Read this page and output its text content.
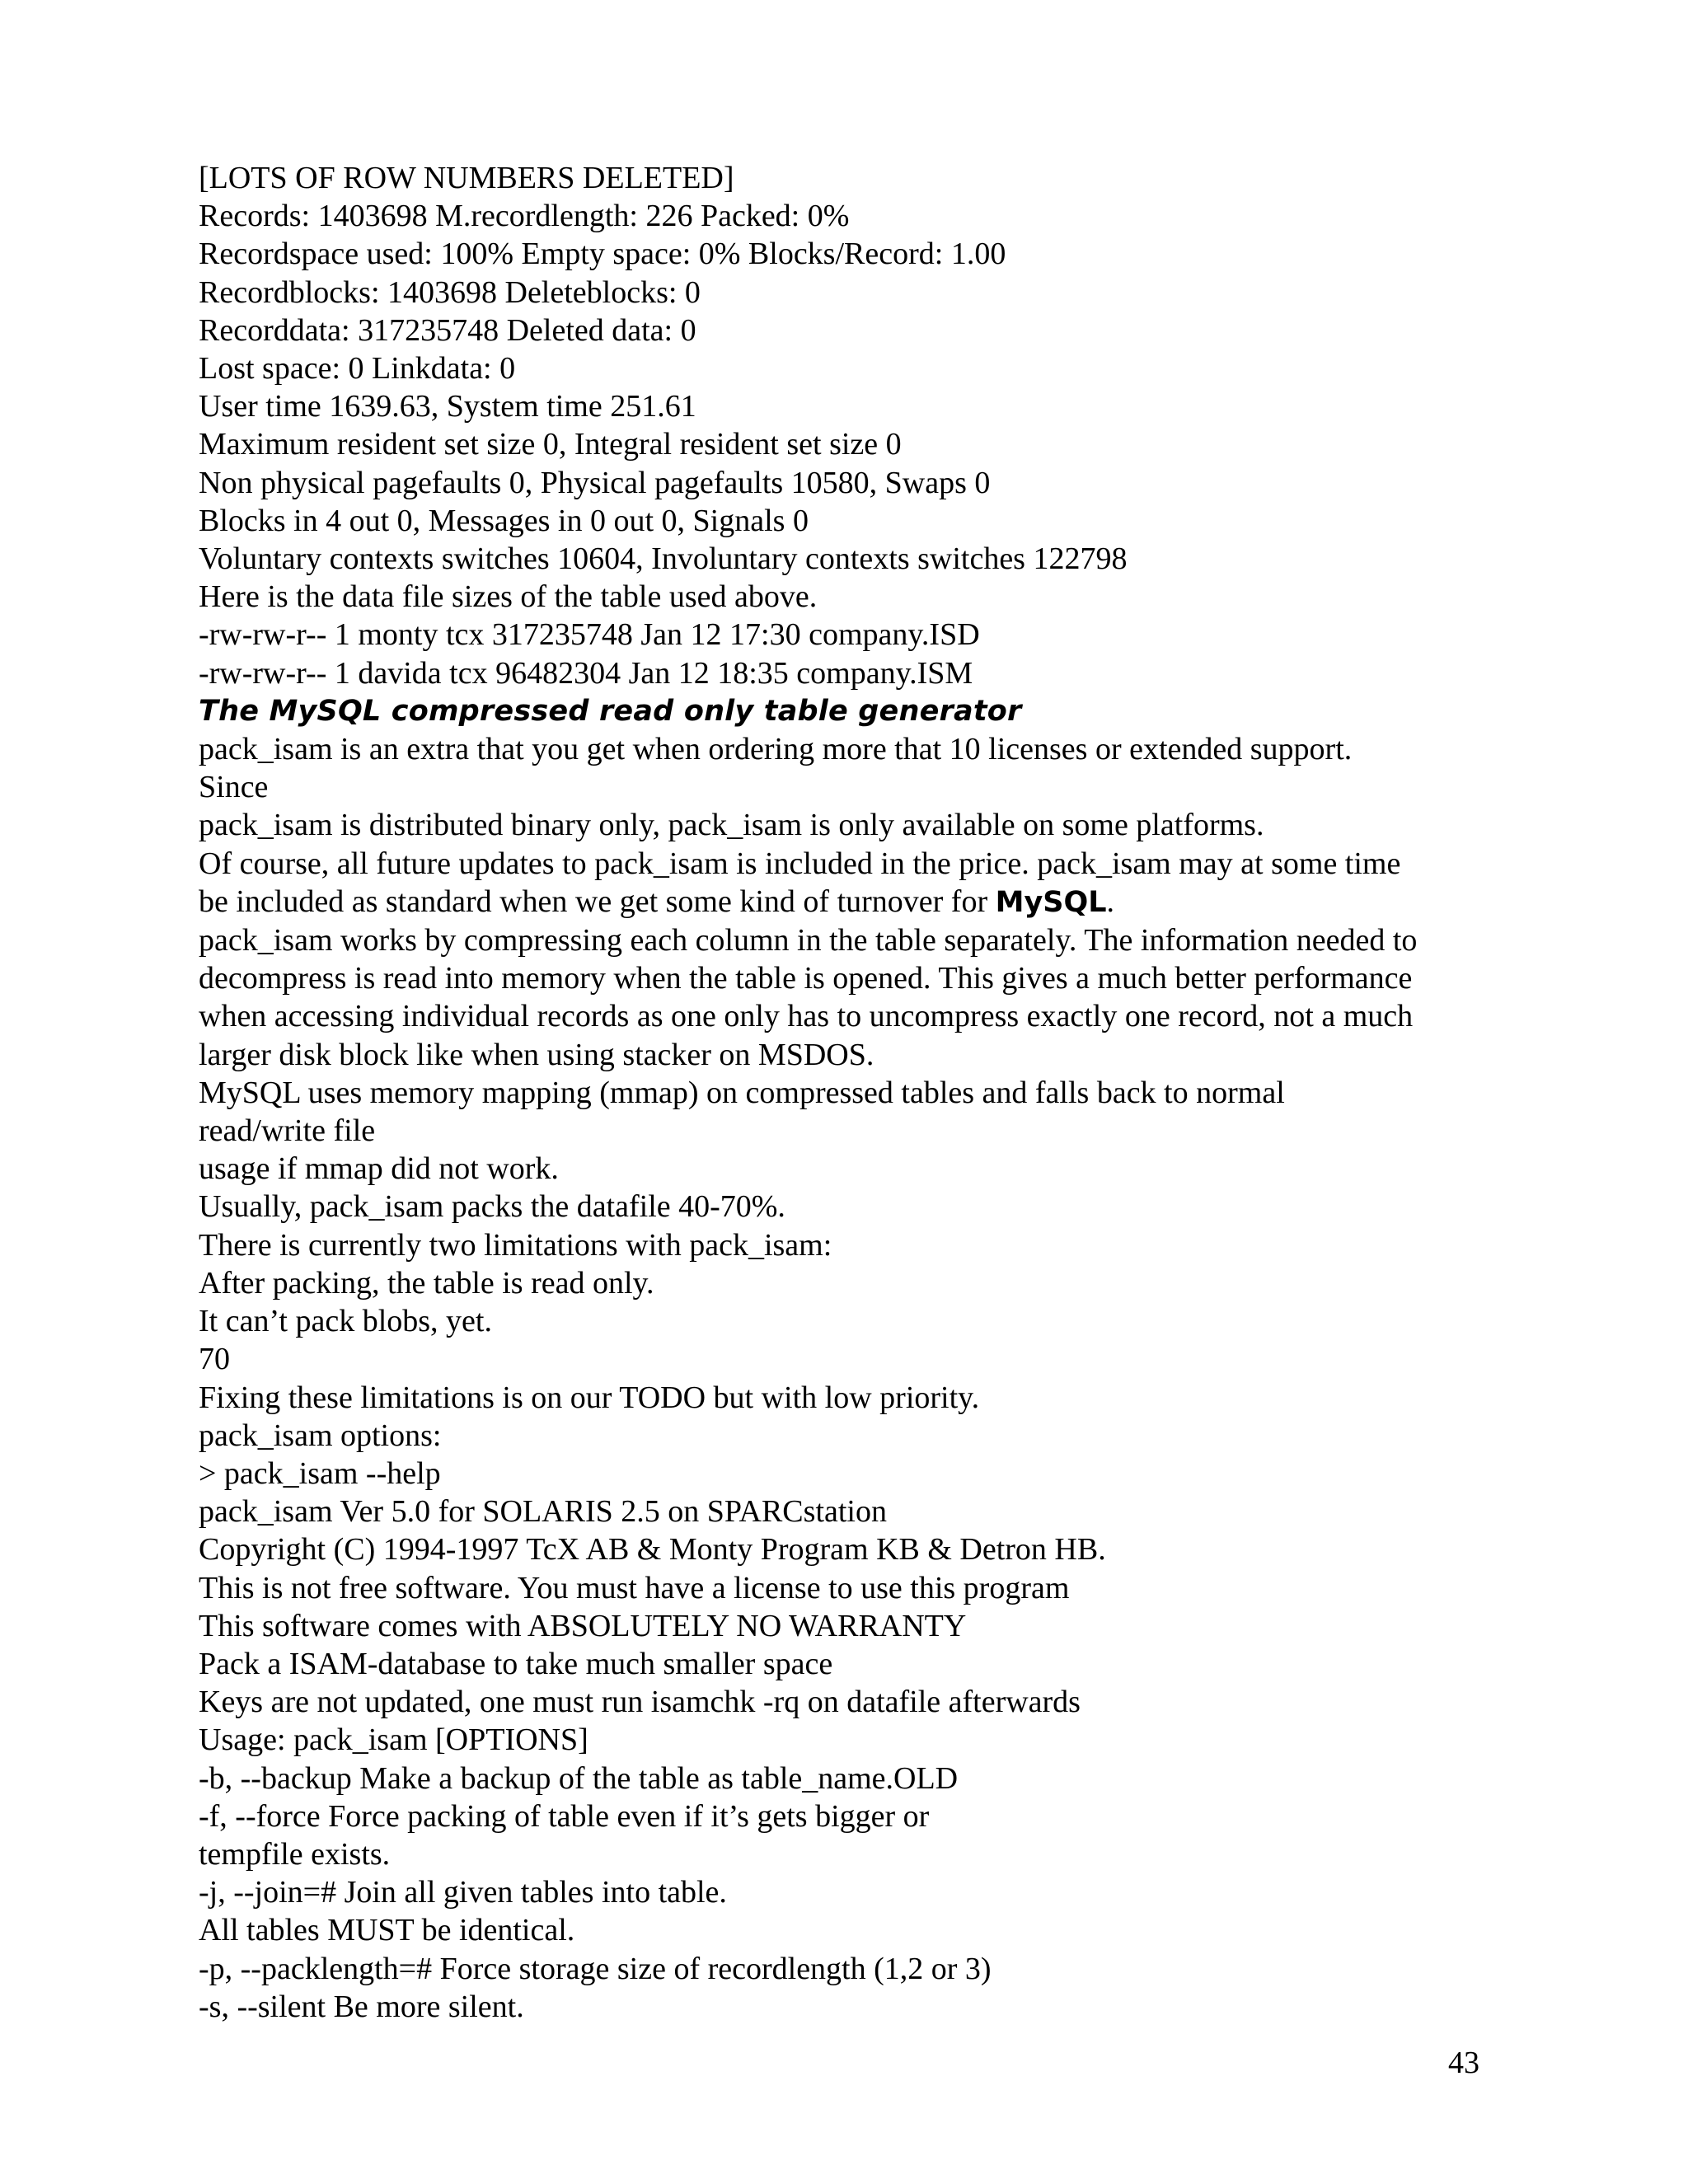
[LOTS OF ROW NUMBERS DELETED]
Records: 1403698 M.recordlength: 226 Packed: 0%
Recordspace used: 100% Empty space: 0% Blocks/Record: 1.00
Recordblocks: 1403698 Deleteblocks: 0
Recorddata: 317235748 Deleted data: 0
Lost space: 0 Linkdata: 0
User time 1639.63, System time 251.61
Maximum resident set size 0, Integral resident set size 0
Non physical pagefaults 0, Physical pagefaults 10580, Swaps 0
Blocks in 4 out 0, Messages in 0 out 0, Signals 0
Voluntary contexts switches 10604, Involuntary contexts switches 122798
Here is the data file sizes of the table used above.
-rw-rw-r-- 1 monty tcx 317235748 Jan 12 17:30 company.ISD
-rw-rw-r-- 1 davida tcx 96482304 Jan 12 18:35 company.ISM
The MySQL compressed read only table generator
pack_isam is an extra that you get when ordering more that 10 licenses or extended support.
Since
pack_isam is distributed binary only, pack_isam is only available on some platforms.
Of course, all future updates to pack_isam is included in the price. pack_isam may at some time
be included as standard when we get some kind of turnover for MySQL.
pack_isam works by compressing each column in the table separately. The information needed to
decompress is read into memory when the table is opened. This gives a much better performance
when accessing individual records as one only has to uncompress exactly one record, not a much
larger disk block like when using stacker on MSDOS.
MySQL uses memory mapping (mmap) on compressed tables and falls back to normal
read/write file
usage if mmap did not work.
Usually, pack_isam packs the datafile 40-70%.
There is currently two limitations with pack_isam:
After packing, the table is read only.
It can’t pack blobs, yet.
70
Fixing these limitations is on our TODO but with low priority.
pack_isam options:
> pack_isam --help
pack_isam Ver 5.0 for SOLARIS 2.5 on SPARCstation
Copyright (C) 1994-1997 TcX AB & Monty Program KB & Detron HB.
This is not free software. You must have a license to use this program
This software comes with ABSOLUTELY NO WARRANTY
Pack a ISAM-database to take much smaller space
Keys are not updated, one must run isamchk -rq on datafile afterwards
Usage: pack_isam [OPTIONS]
-b, --backup Make a backup of the table as table_name.OLD
-f, --force Force packing of table even if it’s gets bigger or
tempfile exists.
-j, --join=# Join all given tables into table.
All tables MUST be identical.
-p, --packlength=# Force storage size of recordlength (1,2 or 3)
-s, --silent Be more silent.
43
